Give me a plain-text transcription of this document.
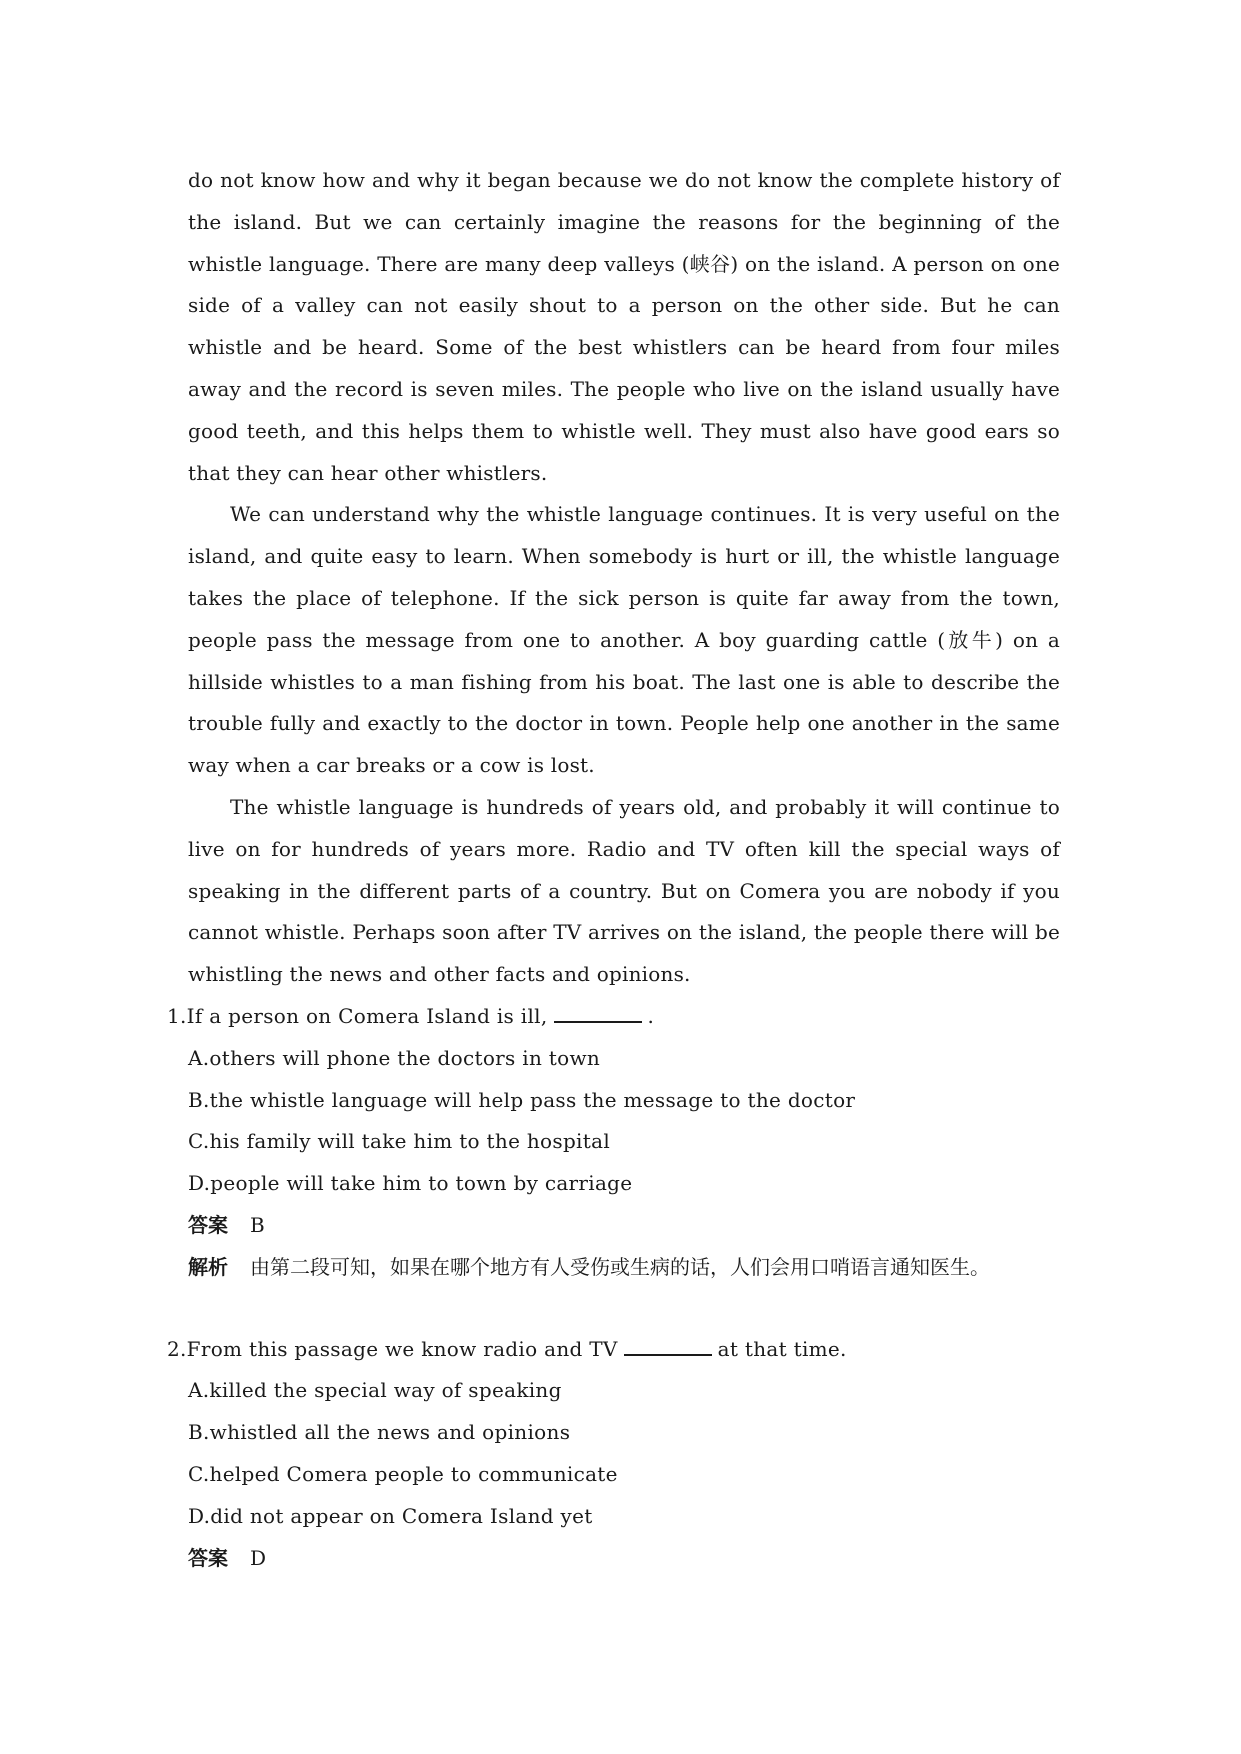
do not know how and why it began because we do not know the complete history of the island. But we can certainly imagine the reasons for the beginning of the whistle language. There are many deep valleys (峡谷) on the island. A person on one side of a valley can not easily shout to a person on the other side. But he can whistle and be heard. Some of the best whistlers can be heard from four miles away and the record is seven miles. The people who live on the island usually have good teeth, and this helps them to whistle well. They must also have good ears so that they can hear other whistlers.

We can understand why the whistle language continues. It is very useful on the island, and quite easy to learn. When somebody is hurt or ill, the whistle language takes the place of telephone. If the sick person is quite far away from the town, people pass the message from one to another. A boy guarding cattle (放牛) on a hillside whistles to a man fishing from his boat. The last one is able to describe the trouble fully and exactly to the doctor in town. People help one another in the same way when a car breaks or a cow is lost.

The whistle language is hundreds of years old, and probably it will continue to live on for hundreds of years more. Radio and TV often kill the special ways of speaking in the different parts of a country. But on Comera you are nobody if you cannot whistle. Perhaps soon after TV arrives on the island, the people there will be whistling the news and other facts and opinions.

1.If a person on Comera Island is ill,	.

A.others will phone the doctors in town

B.the whistle language will help pass the message to the doctor

C.his family will take him to the hospital

D.people will take him to town by carriage

答案 B

解析 由第二段可知，如果在哪个地方有人受伤或生病的话，人们会用口哨语言通知医生。

2.From this passage we know radio and TV	at that time.

A.killed the special way of speaking

B.whistled all the news and opinions

C.helped Comera people to communicate

D.did not appear on Comera Island yet

答案 D
